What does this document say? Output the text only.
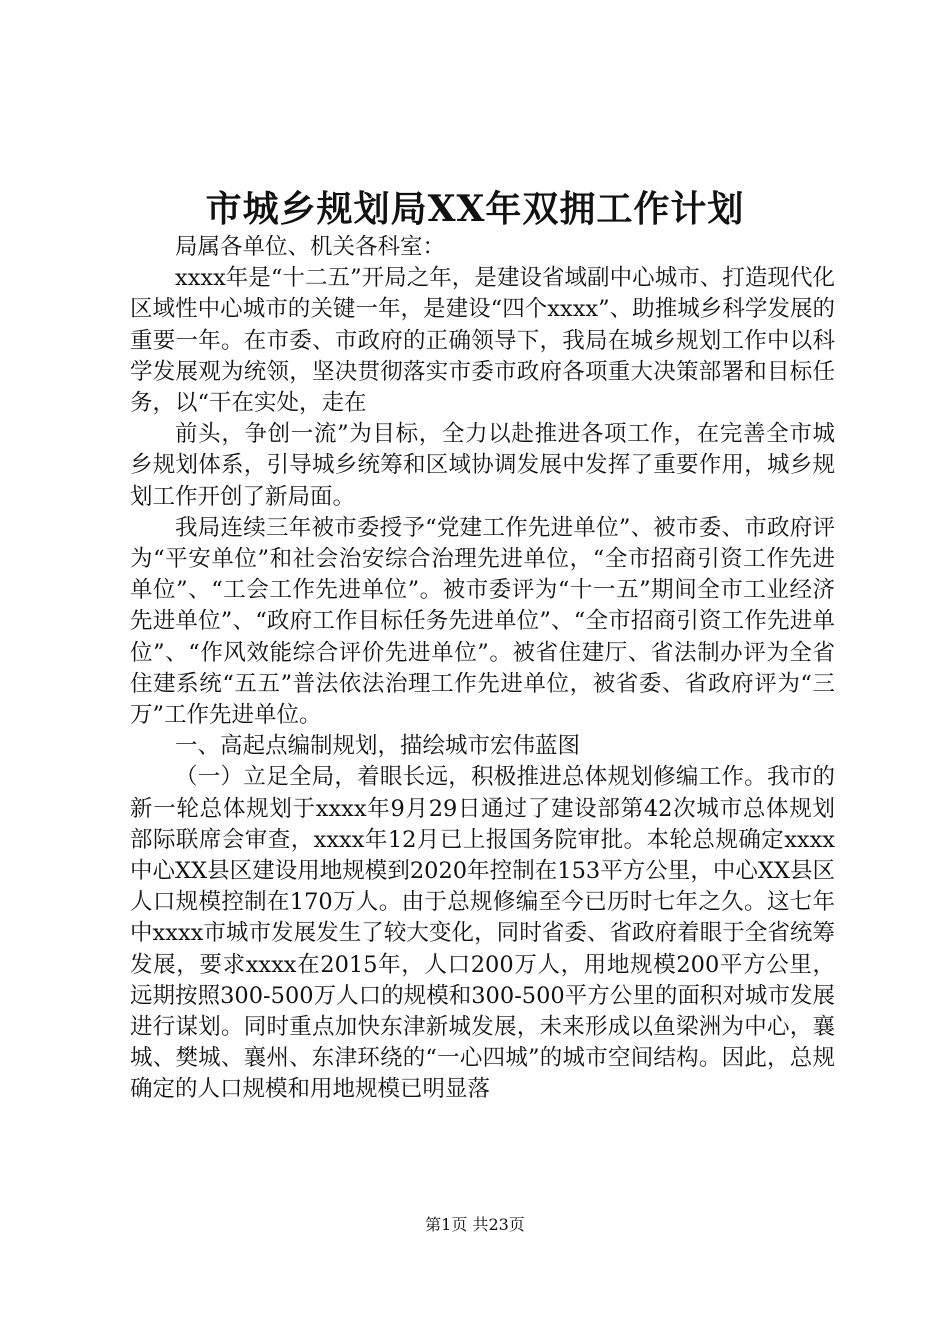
市城乡规划局XX年双拥工作计划

局属各单位、机关各科室：

xxxx年是“十二五”开局之年，是建设省域副中心城市、打造现代化区域性中心城市的关键一年，是建设“四个xxxx”、助推城乡科学发展的重要一年。在市委、市政府的正确领导下，我局在城乡规划工作中以科学发展观为统领，坚决贯彻落实市委市政府各项重大决策部署和目标任务，以“干在实处，走在

前头，争创一流”为目标，全力以赴推进各项工作，在完善全市城乡规划体系，引导城乡统筹和区域协调发展中发挥了重要作用，城乡规划工作开创了新局面。

我局连续三年被市委授予“党建工作先进单位”、被市委、市政府评为“平安单位”和社会治安综合治理先进单位，“全市招商引资工作先进单位”、“工会工作先进单位”。被市委评为“十一五”期间全市工业经济先进单位”、“政府工作目标任务先进单位”、“全市招商引资工作先进单位”、“作风效能综合评价先进单位”。被省住建厅、省法制办评为全省住建系统“五五”普法依法治理工作先进单位，被省委、省政府评为“三万”工作先进单位。

一、高起点编制规划，描绘城市宏伟蓝图

（一）立足全局，着眼长远，积极推进总体规划修编工作。我市的新一轮总体规划于xxxx年9月29日通过了建设部第42次城市总体规划部际联席会审查，xxxx年12月已上报国务院审批。本轮总规确定xxxx中心XX县区建设用地规模到2020年控制在153平方公里，中心XX县区人口规模控制在170万人。由于总规修编至今已历时七年之久。这七年中xxxx市城市发展发生了较大变化，同时省委、省政府着眼于全省统筹发展，要求xxxx在2015年，人口200万人，用地规模200平方公里，远期按照300-500万人口的规模和300-500平方公里的面积对城市发展进行谋划。同时重点加快东津新城发展，未来形成以鱼梁洲为中心，襄城、樊城、襄州、东津环绕的“一心四城”的城市空间结构。因此，总规确定的人口规模和用地规模已明显落

第1页 共23页
